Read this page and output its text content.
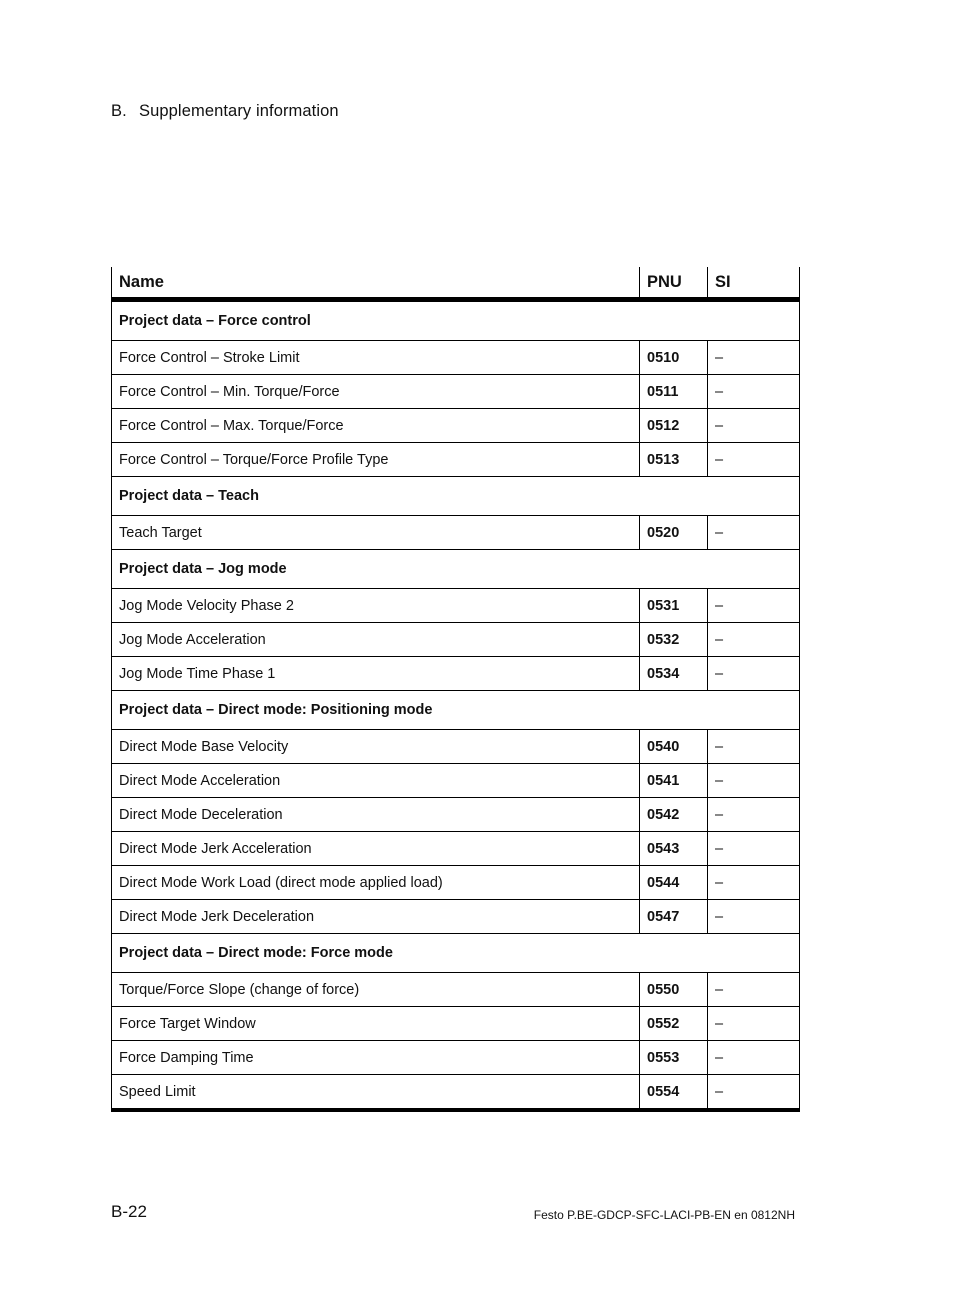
B. Supplementary information
Name	PNU	SI
Project data – Force control		
Force Control – Stroke Limit	0510	–
Force Control – Min. Torque/Force	0511	–
Force Control – Max. Torque/Force	0512	–
Force Control – Torque/Force Profile Type	0513	–
Project data – Teach		
Teach Target	0520	–
Project data – Jog mode		
Jog Mode Velocity Phase 2	0531	–
Jog Mode Acceleration	0532	–
Jog Mode Time Phase 1	0534	–
Project data – Direct mode: Positioning mode		
Direct Mode Base Velocity	0540	–
Direct Mode Acceleration	0541	–
Direct Mode Deceleration	0542	–
Direct Mode Jerk Acceleration	0543	–
Direct Mode Work Load (direct mode applied load)	0544	–
Direct Mode Jerk Deceleration	0547	–
Project data – Direct mode: Force mode		
Torque/Force Slope (change of force)	0550	–
Force Target Window	0552	–
Force Damping Time	0553	–
Speed Limit	0554	–
B-22	Festo P.BE-GDCP-SFC-LACI-PB-EN en 0812NH
